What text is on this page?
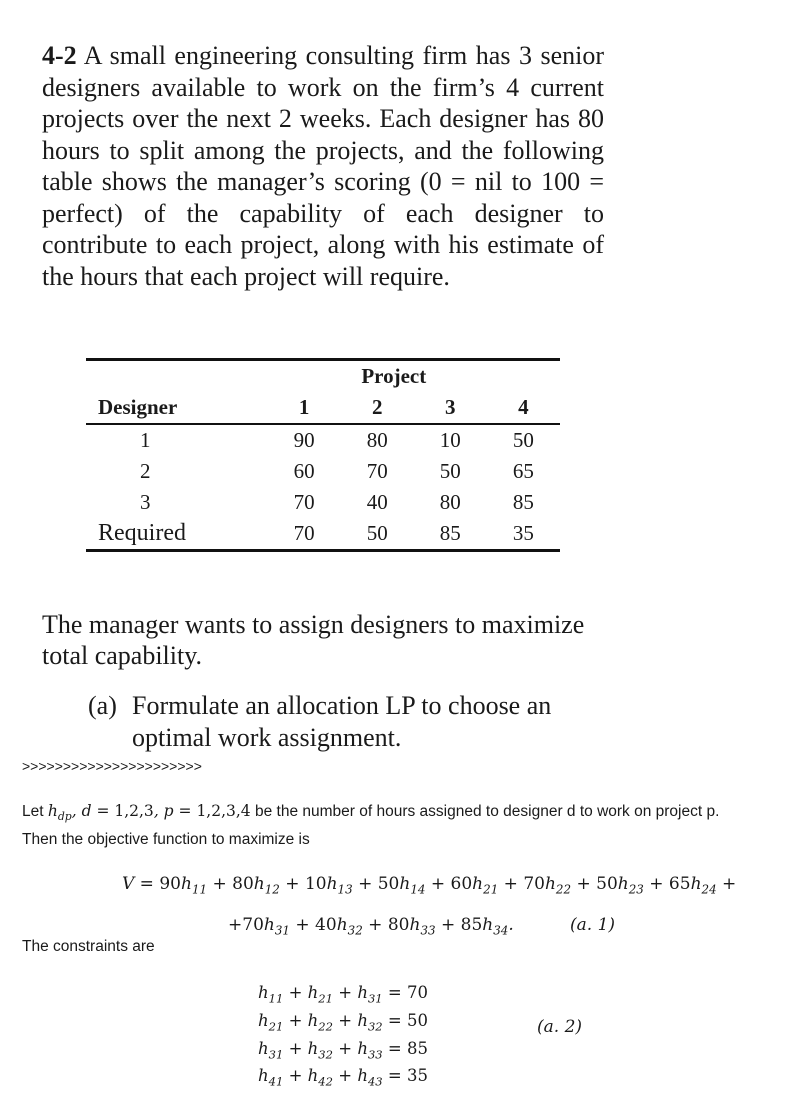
4-2 A small engineering consulting firm has 3 senior designers available to work on the firm’s 4 current projects over the next 2 weeks. Each designer has 80 hours to split among the projects, and the following table shows the manager’s scoring (0 = nil to 100 = perfect) of the capability of each designer to contribute to each project, along with his estimate of the hours that each project will require.
	Project			
Designer	1	2	3	4
1	90	80	10	50
2	60	70	50	65
3	70	40	80	85
Required	70	50	85	35
The manager wants to assign designers to maximize total capability.
(a) Formulate an allocation LP to choose an
optimal work assignment.
>>>>>>>>>>>>>>>>>>>>>>
Let $h_{dp}$, d = 1,2,3, p = 1,2,3,4 be the number of hours assigned to designer d to work on project p.
Then the objective function to maximize is
$V = 90h_{11} + 80h_{12} + 10h_{13} + 50h_{14} + 60h_{21} + 70h_{22} + 50h_{23} + 65h_{24}$ +
$+70h_{31} + 40h_{32} + 80h_{33} + 85h_{34}$.	(a. 1)
The constraints are
$h_{11} + h_{21} + h_{31} = 70$
$h_{21} + h_{22} + h_{32} = 50$
$h_{31} + h_{32} + h_{33} = 85$
$h_{41} + h_{42} + h_{43} = 35$
(a. 2)
